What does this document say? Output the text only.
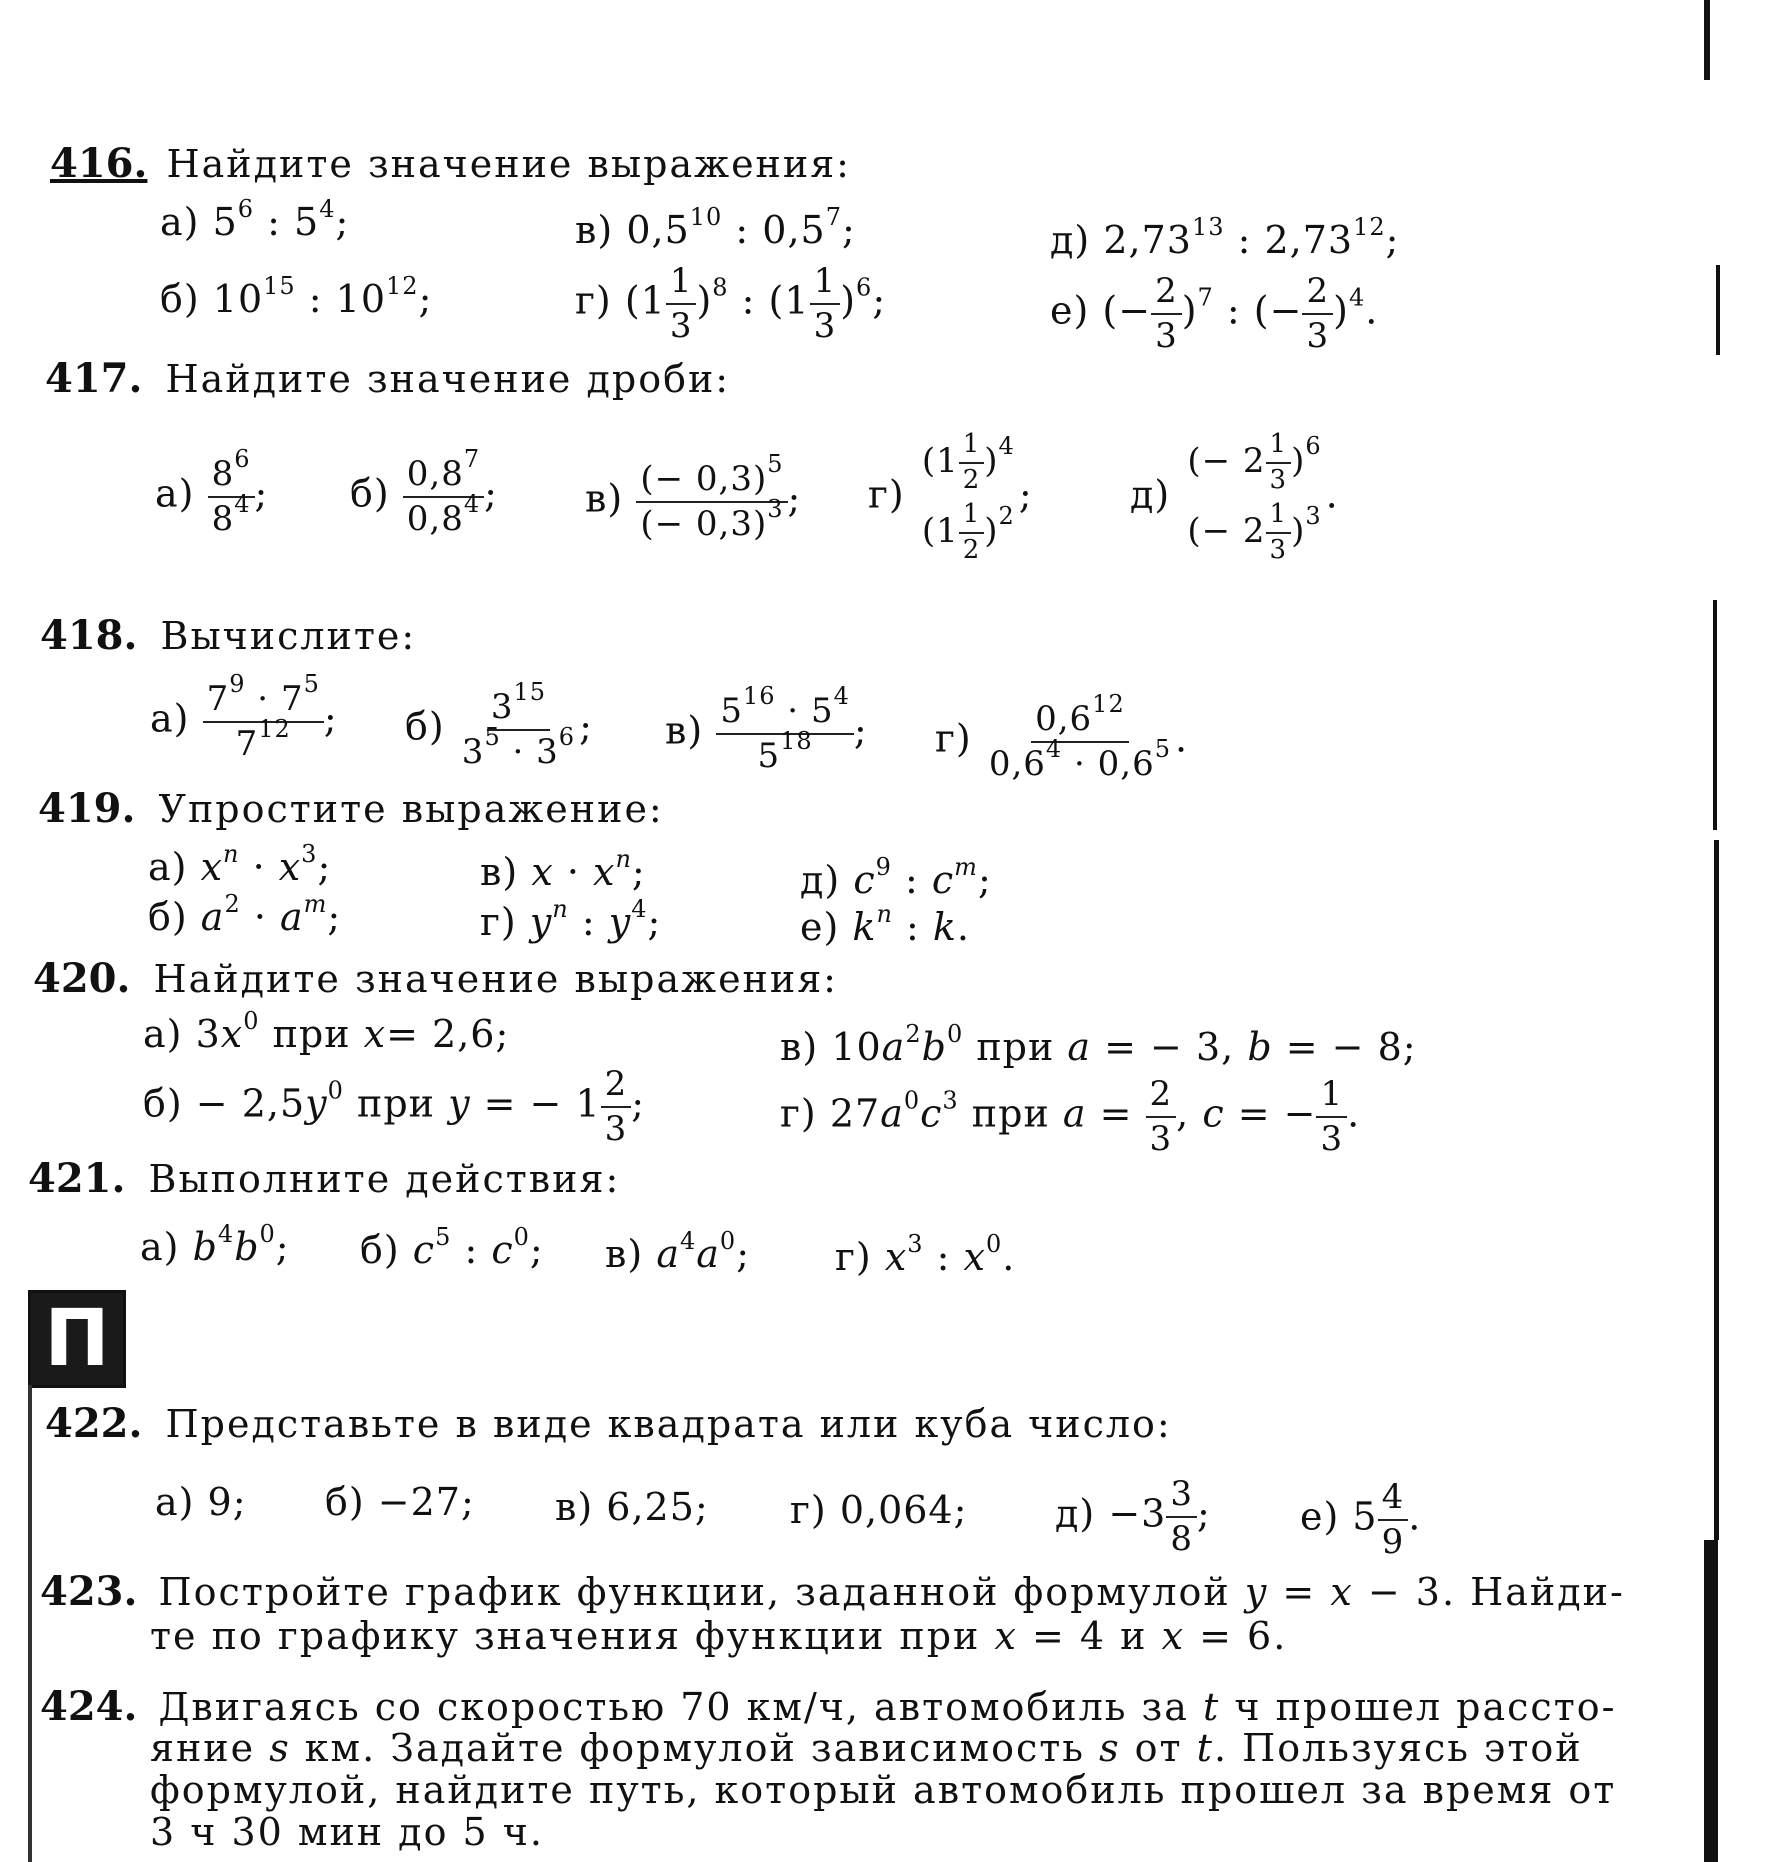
416. Найдите значение выражения:
а) $5^6$ : $5^4$;	в) $0,5^{10}$ : $0,5^7$;	д) 2,73$^{13}$ : 2,73$^{12}$;
б) $10^{15}$ : $10^{12}$;	г) $(1 \frac{1}{3} )^8$ : $(1 \frac{1}{3} )^6$;	е) (− $\frac{2}{3} )^7$ : (− $\frac{2}{3} )^4$.
417. Найдите значение дроби:
$а) \frac{8^6}{8^4}$ ; $б) \frac{0,8^7}{0,8^4}$ ; $в) \frac{(- 0,3)^5}{(- 0,3)^3}$ ; г)
$(1 \frac{1}{2} )^4$
$(1 \frac{1}{2} )^2$ ;	д)
(− $2 \frac{1}{3} )^6$
(− $2 \frac{1}{3} )^3$ .
418. Вычислите:
$а) \frac{7^9 \cdot 7^5}{7^{12}}$ ; $б) \frac{3^{15}}{3^5 \cdot 3^6}$ ; $в) \frac{5^{16} \cdot 5^4}{5^{18}}$ ; $г) \frac{0,6^{12}}{0,6^4 \cdot 0,6^5}$ .
419. Упростите выражение:
а) $x^n \cdot x^3$;	в) $x \cdot x^n$;	д) $c^9$ : $c^m$;
б) $a^2 \cdot a^m$;	г) $y^n$ : $y^4$;	е) $k^n$ : k.
420. Найдите значение выражения:
а) $3x^0$ при x= 2,6;	в) $10a^2b^0$ при a = − 3, b = − 8;
$б) - 2,5y^0$ при y = − $1 \frac{2}{3}$ ;	г) $27a^0c^3$ при $a = \frac{2}{3}$ , c = − $\frac{1}{3}$ .
421. Выполните действия:
а) $b^4b^0$; б) $c^5$ : $c^0$; в) $a^4a^0$; г) $x^3$ : $x^0$.
П
422. Представьте в виде квадрата или куба число:
а) 9; б) −27; в) 6,25; г) 0,064; $д) -3 \frac{3}{8}$ ; е) $5 \frac{4}{9}$ .
423. Постройте график функции, заданной формулой y = x − 3. Найди-
те по графику значения функции при x = 4 и x = 6.
424. Двигаясь со скоростью 70 км/ч, автомобиль за t ч прошел рассто-
яние s км. Задайте формулой зависимость s от t. Пользуясь этой
формулой, найдите путь, который автомобиль прошел за время от
3 ч 30 мин до 5 ч.
